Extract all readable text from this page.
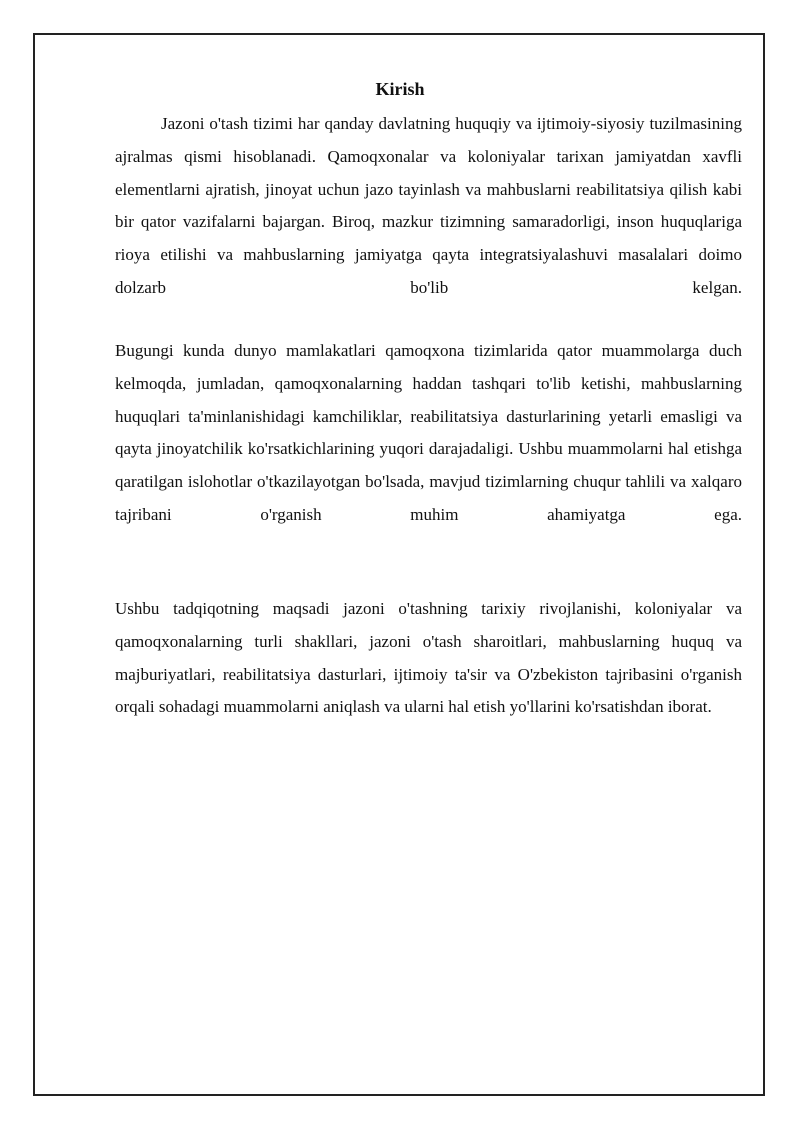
Kirish

Jazoni o'tash tizimi har qanday davlatning huquqiy va ijtimoiy-siyosiy tuzilmasining ajralmas qismi hisoblanadi. Qamoqxonalar va koloniyalar tarixan jamiyatdan xavfli elementlarni ajratish, jinoyat uchun jazo tayinlash va mahbuslarni reabilitatsiya qilish kabi bir qator vazifalarni bajargan. Biroq, mazkur tizimning samaradorligi, inson huquqlariga rioya etilishi va mahbuslarning jamiyatga qayta integratsiyalashuvi masalalari doimo dolzarb bo'lib kelgan.

Bugungi kunda dunyo mamlakatlari qamoqxona tizimlarida qator muammolarga duch kelmoqda, jumladan, qamoqxonalarning haddan tashqari to'lib ketishi, mahbuslarning huquqlari ta'minlanishidagi kamchiliklar, reabilitatsiya dasturlarining yetarli emasligi va qayta jinoyatchilik ko'rsatkichlarining yuqori darajadaligi. Ushbu muammolarni hal etishga qaratilgan islohotlar o'tkazilayotgan bo'lsada, mavjud tizimlarning chuqur tahlili va xalqaro tajribani o'rganish muhim ahamiyatga ega.

Ushbu tadqiqotning maqsadi jazoni o'tashning tarixiy rivojlanishi, koloniyalar va qamoqxonalarning turli shakllari, jazoni o'tash sharoitlari, mahbuslarning huquq va majburiyatlari, reabilitatsiya dasturlari, ijtimoiy ta'sir va O'zbekiston tajribasini o'rganish orqali sohadagi muammolarni aniqlash va ularni hal etish yo'llarini ko'rsatishdan iborat.
